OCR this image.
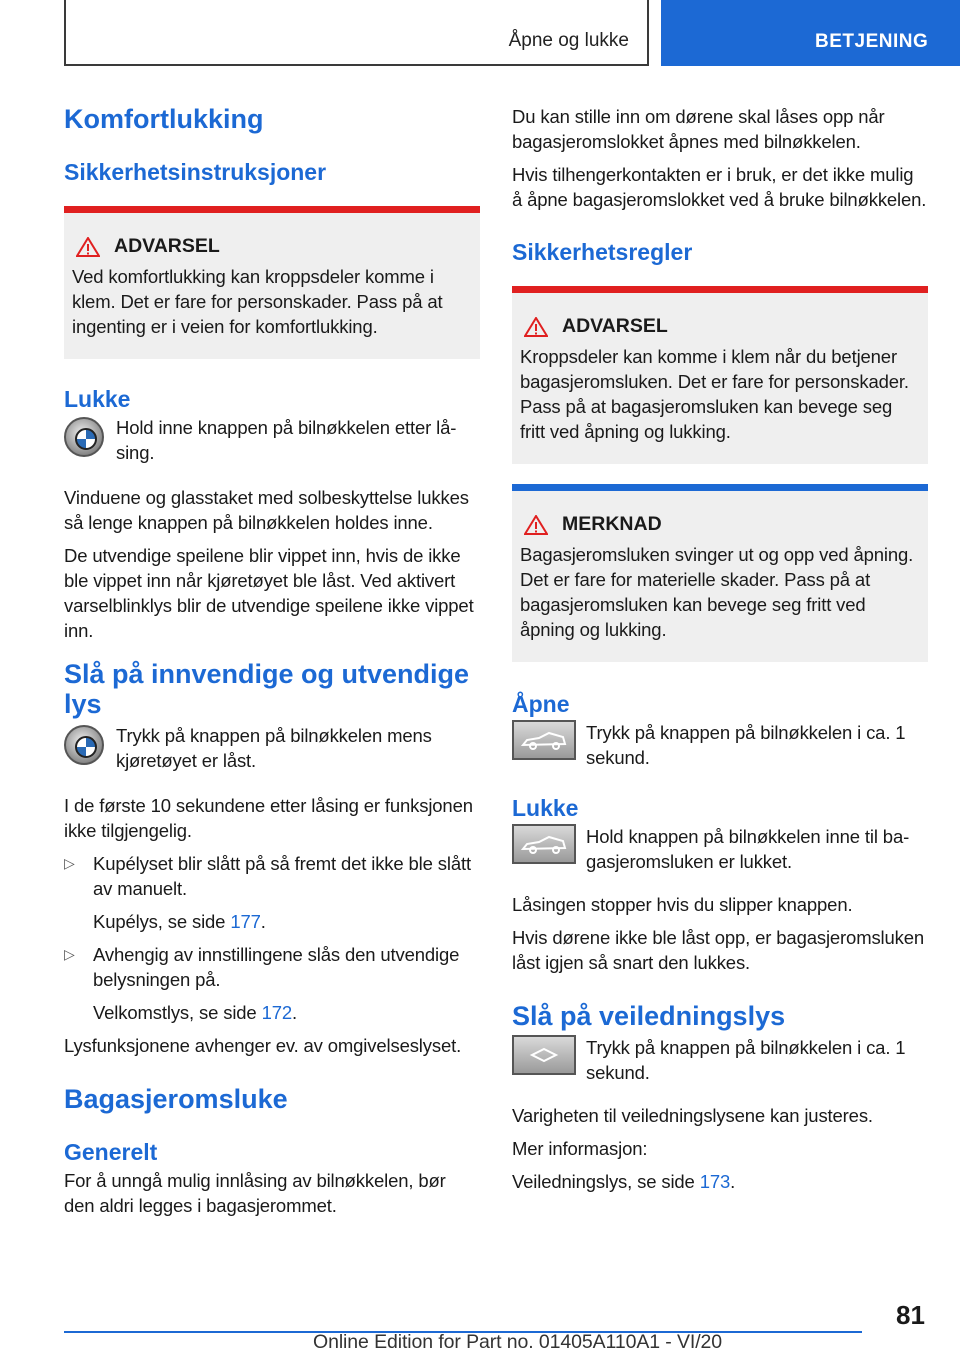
Åpne og lukke	BETJENING
Komfortlukking
Sikkerhetsinstruksjoner
ADVARSEL

Ved komfortlukking kan kroppsdeler komme i klem. Det er fare for personskader. Pass på at ingenting er i veien for komfortlukking.

Lukke

Hold inne knappen på bilnøkkelen etter låsing.

Vinduene og glasstaket med solbeskyttelse lukkes så lenge knappen på bilnøkkelen holdes inne.

De utvendige speilene blir vippet inn, hvis de ikke ble vippet inn når kjøretøyet ble låst. Ved aktivert varselblinklys blir de utvendige speilene ikke vippet inn.

Slå på innvendige og utvendige lys

Trykk på knappen på bilnøkkelen mens kjøretøyet er låst.

I de første 10 sekundene etter låsing er funksjonen ikke tilgjengelig.

▷ Kupélyset blir slått på så fremt det ikke ble slått av manuelt.

Kupélys, se side 177.

▷ Avhengig av innstillingene slås den utvendige belysningen på.

Velkomstlys, se side 172.

Lysfunksjonene avhenger ev. av omgivelseslyset.

Bagasjeromsluke
Generelt

For å unngå mulig innlåsing av bilnøkkelen, bør den aldri legges i bagasjerommet.

Du kan stille inn om dørene skal låses opp når bagasjeromslokket åpnes med bilnøkkelen.

Hvis tilhengerkontakten er i bruk, er det ikke mulig å åpne bagasjeromslokket ved å bruke bilnøkkelen.

Sikkerhetsregler
ADVARSEL

Kroppsdeler kan komme i klem når du betjener bagasjeromsluken. Det er fare for personskader. Pass på at bagasjeromsluken kan bevege seg fritt ved åpning og lukking.

MERKNAD

Bagasjeromsluken svinger ut og opp ved åpning. Det er fare for materielle skader. Pass på at bagasjeromsluken kan bevege seg fritt ved åpning og lukking.

Åpne

Trykk på knappen på bilnøkkelen i ca. 1 sekund.

Lukke

Hold knappen på bilnøkkelen inne til bagasjeromsluken er lukket.

Låsingen stopper hvis du slipper knappen.

Hvis dørene ikke ble låst opp, er bagasjeromsluken låst igjen så snart den lukkes.

Slå på veiledningslys

Trykk på knappen på bilnøkkelen i ca. 1 sekund.

Varigheten til veiledningslysene kan justeres.

Mer informasjon:

Veiledningslys, se side 173.

81
Online Edition for Part no. 01405A110A1 - VI/20
